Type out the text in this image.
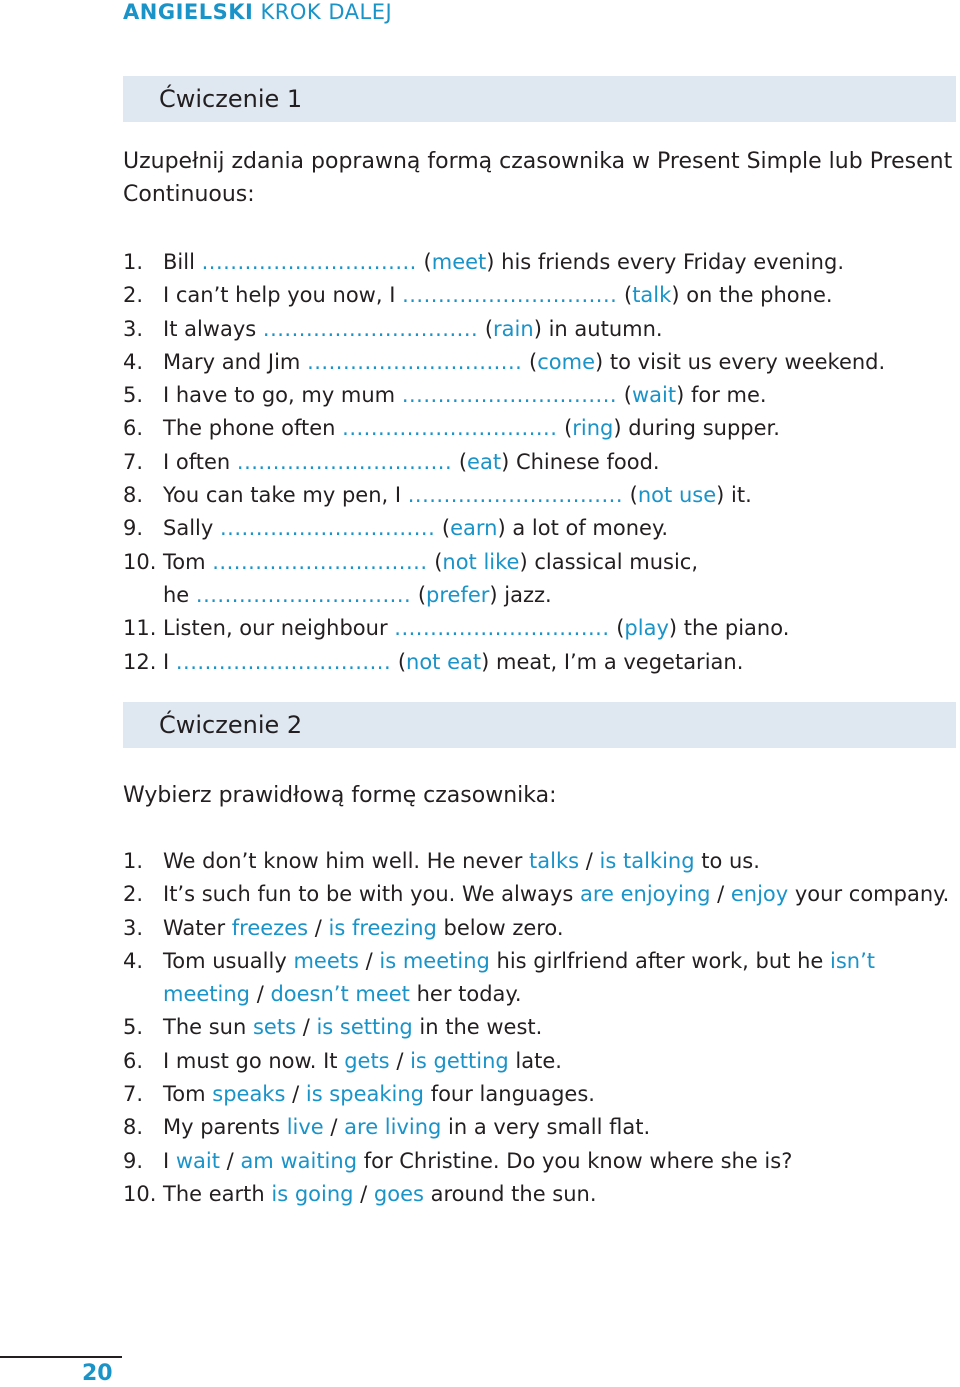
ANGIELSKI KROK DALEJ
Ćwiczenie 1
Uzupełnij zdania poprawną formą czasownika w Present Simple lub Present Continuous:
1. Bill .............................. (meet) his friends every Friday evening.
2. I can’t help you now, I .............................. (talk) on the phone.
3. It always .............................. (rain) in autumn.
4. Mary and Jim .............................. (come) to visit us every weekend.
5. I have to go, my mum .............................. (wait) for me.
6. The phone often .............................. (ring) during supper.
7. I often .............................. (eat) Chinese food.
8. You can take my pen, I .............................. (not use) it.
9. Sally .............................. (earn) a lot of money.
10. Tom .............................. (not like) classical music,
he .............................. (prefer) jazz.
11. Listen, our neighbour .............................. (play) the piano.
12. I .............................. (not eat) meat, I’m a vegetarian.
Ćwiczenie 2
Wybierz prawidłową formę czasownika:
1. We don’t know him well. He never talks / is talking to us.
2. It’s such fun to be with you. We always are enjoying / enjoy your company.
3. Water freezes / is freezing below zero.
4. Tom usually meets / is meeting his girlfriend after work, but he isn’t meeting / doesn’t meet her today.
5. The sun sets / is setting in the west.
6. I must go now. It gets / is getting late.
7. Tom speaks / is speaking four languages.
8. My parents live / are living in a very small flat.
9. I wait / am waiting for Christine. Do you know where she is?
10. The earth is going / goes around the sun.
20
